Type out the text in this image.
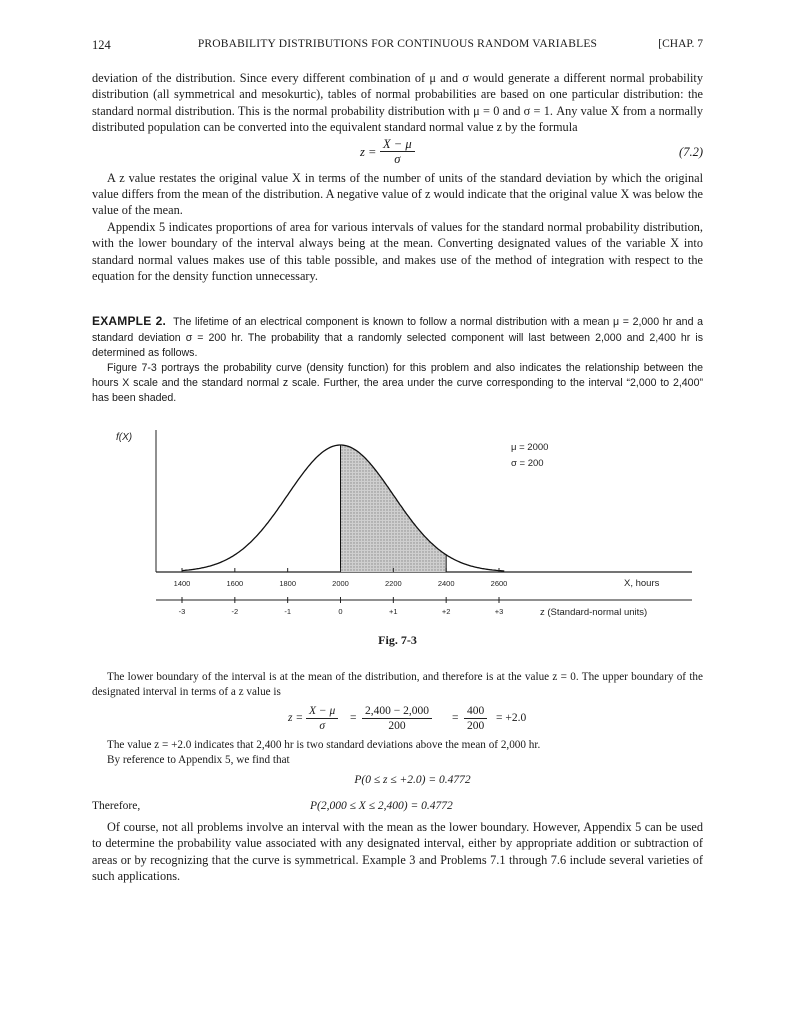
124	PROBABILITY DISTRIBUTIONS FOR CONTINUOUS RANDOM VARIABLES	[CHAP. 7

deviation of the distribution. Since every different combination of μ and σ would generate a different normal probability distribution (all symmetrical and mesokurtic), tables of normal probabilities are based on one particular distribution: the standard normal distribution. This is the normal probability distribution with μ = 0 and σ = 1. Any value X from a normally distributed population can be converted into the equivalent standard normal value z by the formula

$z = \frac{X - \mu}{\sigma}$	(7.2)

A z value restates the original value X in terms of the number of units of the standard deviation by which the original value differs from the mean of the distribution. A negative value of z would indicate that the original value X was below the value of the mean.

Appendix 5 indicates proportions of area for various intervals of values for the standard normal probability distribution, with the lower boundary of the interval always being at the mean. Converting designated values of the variable X into standard normal values makes use of this table possible, and makes use of the method of integration with respect to the equation for the density function unnecessary.

EXAMPLE 2. The lifetime of an electrical component is known to follow a normal distribution with a mean μ = 2,000 hr and a standard deviation σ = 200 hr. The probability that a randomly selected component will last between 2,000 and 2,400 hr is determined as follows.

Figure 7-3 portrays the probability curve (density function) for this problem and also indicates the relationship between the hours X scale and the standard normal z scale. Further, the area under the curve corresponding to the interval “2,000 to 2,400” has been shaded.

f(X)
1400	1600	1800	2000	2200	2400	2600	X, hours
-3	-2	-1	0	+1	+2	+3	z (Standard-normal units)
μ = 2000
σ = 200
Fig. 7-3

The lower boundary of the interval is at the mean of the distribution, and therefore is at the value z = 0. The upper boundary of the designated interval in terms of a z value is

$z = \frac{X - \mu}{\sigma} = \frac{2,400 - 2,000}{200} = \frac{400}{200} = +2.0$

The value z = +2.0 indicates that 2,400 hr is two standard deviations above the mean of 2,000 hr.

By reference to Appendix 5, we find that

P(0 ≤ z ≤ +2.0) = 0.4772
Therefore,	P(2,000 ≤ X ≤ 2,400) = 0.4772

Of course, not all problems involve an interval with the mean as the lower boundary. However, Appendix 5 can be used to determine the probability value associated with any designated interval, either by appropriate addition or subtraction of areas or by recognizing that the curve is symmetrical. Example 3 and Problems 7.1 through 7.6 include several varieties of such applications.
